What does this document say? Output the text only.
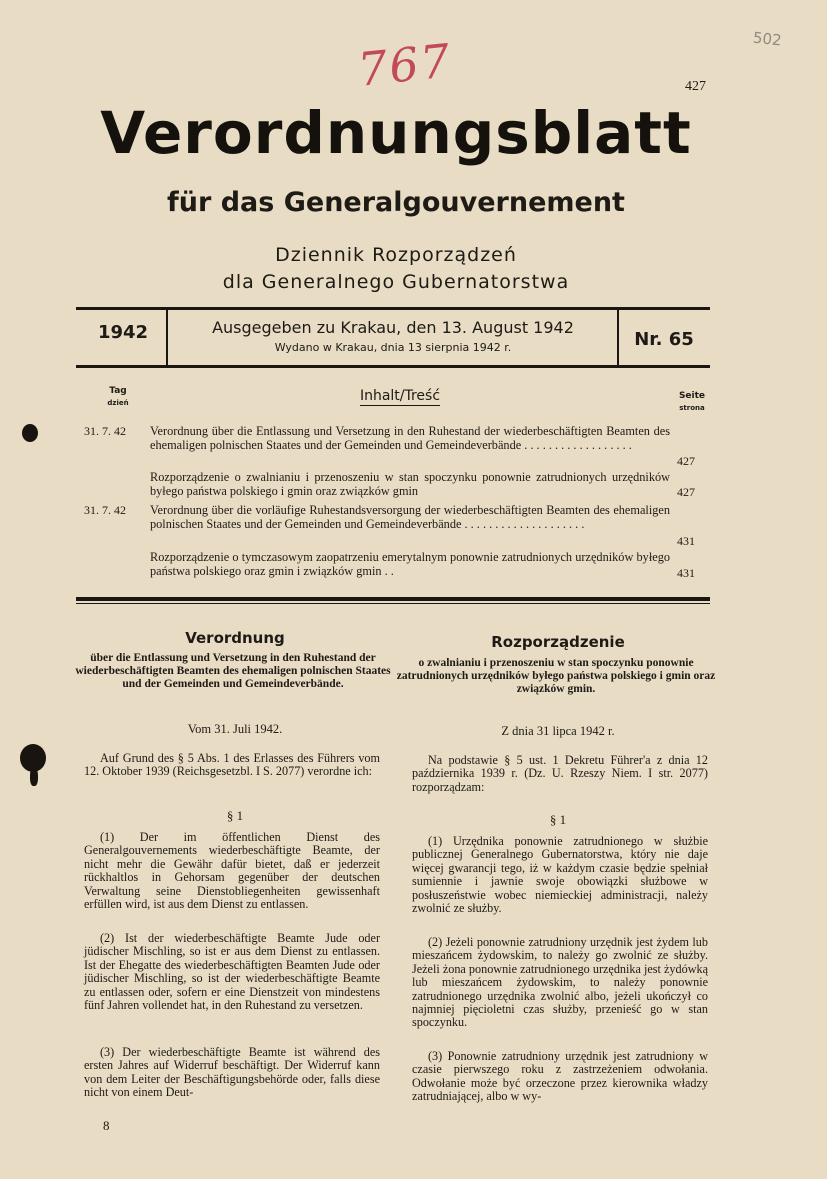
767	502
427
Verordnungsblatt
für das Generalgouvernement
Dziennik Rozporządzeń
dla Generalnego Gubernatorstwa
1942	Ausgegeben zu Krakau, den 13. August 1942
Wydano w Krakau, dnia 13 sierpnia 1942 r.	Nr. 65
Tag
dzień	Inhalt/Treść	Seite
strona
31. 7. 42 Verordnung über die Entlassung und Versetzung in den Ruhestand der wiederbeschäftigten Beamten des ehemaligen polnischen Staates und der Gemeinden und Gemeindeverbände . . . . . . . . . . . . . . . . . .
427
Rozporządzenie o zwalnianiu i przenoszeniu w stan spoczynku ponownie zatrudnionych urzędników byłego państwa polskiego i gmin oraz związków gmin	427
31. 7. 42 Verordnung über die vorläufige Ruhestandsversorgung der wiederbeschäftigten Beamten des ehemaligen polnischen Staates und der Gemeinden und Gemeindeverbände . . . . . . . . . . . . . . . . . . . .
431
Rozporządzenie o tymczasowym zaopatrzeniu emerytalnym ponownie zatrudnionych urzędników byłego państwa polskiego oraz gmin i związków gmin . .	431
Verordnung
über die Entlassung und Versetzung in den Ruhestand der wiederbeschäftigten Beamten des ehemaligen polnischen Staates und der Gemeinden und Gemeindeverbände.
Vom 31. Juli 1942.
Auf Grund des § 5 Abs. 1 des Erlasses des Führers vom 12. Oktober 1939 (Reichsgesetzbl. I S. 2077) verordne ich:
§ 1
(1) Der im öffentlichen Dienst des Generalgouvernements wiederbeschäftigte Beamte, der nicht mehr die Gewähr dafür bietet, daß er jederzeit rückhaltlos in Gehorsam gegenüber der deutschen Verwaltung seine Dienstobliegenheiten gewissenhaft erfüllen wird, ist aus dem Dienst zu entlassen.
(2) Ist der wiederbeschäftigte Beamte Jude oder jüdischer Mischling, so ist er aus dem Dienst zu entlassen. Ist der Ehegatte des wiederbeschäftigten Beamten Jude oder jüdischer Mischling, so ist der wiederbeschäftigte Beamte zu entlassen oder, sofern er eine Dienstzeit von mindestens fünf Jahren vollendet hat, in den Ruhestand zu versetzen.
(3) Der wiederbeschäftigte Beamte ist während des ersten Jahres auf Widerruf beschäftigt. Der Widerruf kann von dem Leiter der Beschäftigungsbehörde oder, falls diese nicht von einem Deut-
8
Rozporządzenie
o zwalnianiu i przenoszeniu w stan spoczynku ponownie zatrudnionych urzędników byłego państwa polskiego i gmin oraz związków gmin.
Z dnia 31 lipca 1942 r.
Na podstawie § 5 ust. 1 Dekretu Führer'a z dnia 12 października 1939 r. (Dz. U. Rzeszy Niem. I str. 2077) rozporządzam:
§ 1
(1) Urzędnika ponownie zatrudnionego w służbie publicznej Generalnego Gubernatorstwa, który nie daje więcej gwarancji tego, iż w każdym czasie będzie spełniał sumiennie i jawnie swoje obowiązki służbowe w posłuszeństwie wobec niemieckiej administracji, należy zwolnić ze służby.
(2) Jeżeli ponownie zatrudniony urzędnik jest żydem lub mieszańcem żydowskim, to należy go zwolnić ze służby. Jeżeli żona ponownie zatrudnionego urzędnika jest żydówką lub mieszańcem żydowskim, to należy ponownie zatrudnionego urzędnika zwolnić albo, jeżeli ukończył co najmniej pięcioletni czas służby, przenieść go w stan spoczynku.
(3) Ponownie zatrudniony urzędnik jest zatrudniony w czasie pierwszego roku z zastrzeżeniem odwołania. Odwołanie może być orzeczone przez kierownika władzy zatrudniającej, albo w wy-
